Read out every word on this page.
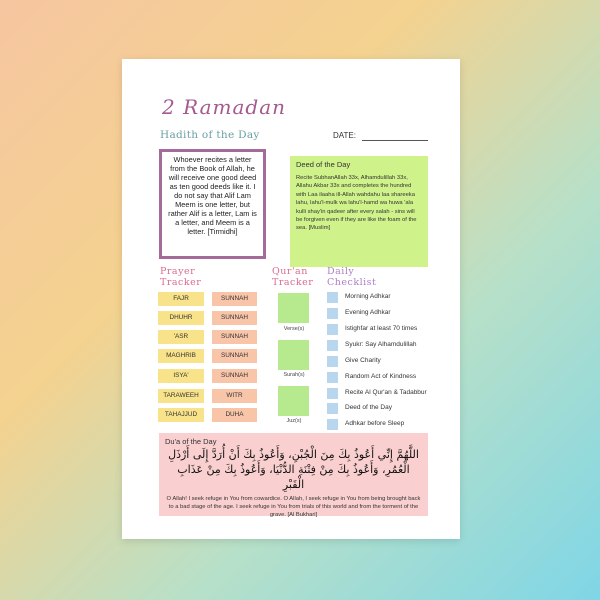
2 Ramadan
Hadith of the Day	DATE:
Whoever recites a letter from the Book of Allah, he will receive one good deed as ten good deeds like it. I do not say that Alif Lam Meem is one letter, but rather Alif is a letter, Lam is a letter, and Meem is a letter. [Tirmidhi]
Deed of the Day
Recite SubhanAllah 33x, Alhamdulillah 33x, Allahu Akbar 33x and completes the hundred with Laa ilaaha ill-Allah wahdahu laa shareeka lahu, lahu'l-mulk wa lahu'l-hamd wa huwa 'ala kulli shay'in qadeer after every salah - sins will be forgiven even if they are like the foam of the sea. [Muslim]
Prayer Tracker
Qur'an Tracker
Daily Checklist
FAJR	SUNNAH
DHUHR	SUNNAH
'ASR	SUNNAH
MAGHRIB	SUNNAH
ISYA'	SUNNAH
TARAWEEH	WITR
TAHAJJUD	DUHA
Verse(s)
Surah(s)
Juz(s)
Morning Adhkar
Evening Adhkar
Istighfar at least 70 times
Syukr: Say Alhamdulillah
Give Charity
Random Act of Kindness
Recite Al Qur'an & Tadabbur
Deed of the Day
Adhkar before Sleep
Du'a of the Day
اللَّهُمَّ إِنِّي أَعُوذُ بِكَ مِنَ الْجُبْنِ، وَأَعُوذُ بِكَ أَنْ أُرَدَّ إِلَى أَرْذَلِ الْعُمُرِ، وَأَعُوذُ بِكَ مِنْ فِتْنَةِ الدُّنْيَا، وَأَعُوذُ بِكَ مِنْ عَذَابِ الْقَبْرِ
O Allah! I seek refuge in You from cowardice. O Allah, I seek refuge in You from being brought back to a bad stage of the age. I seek refuge in You from trials of this world and from the torment of the grave. [Al Bukhari]
